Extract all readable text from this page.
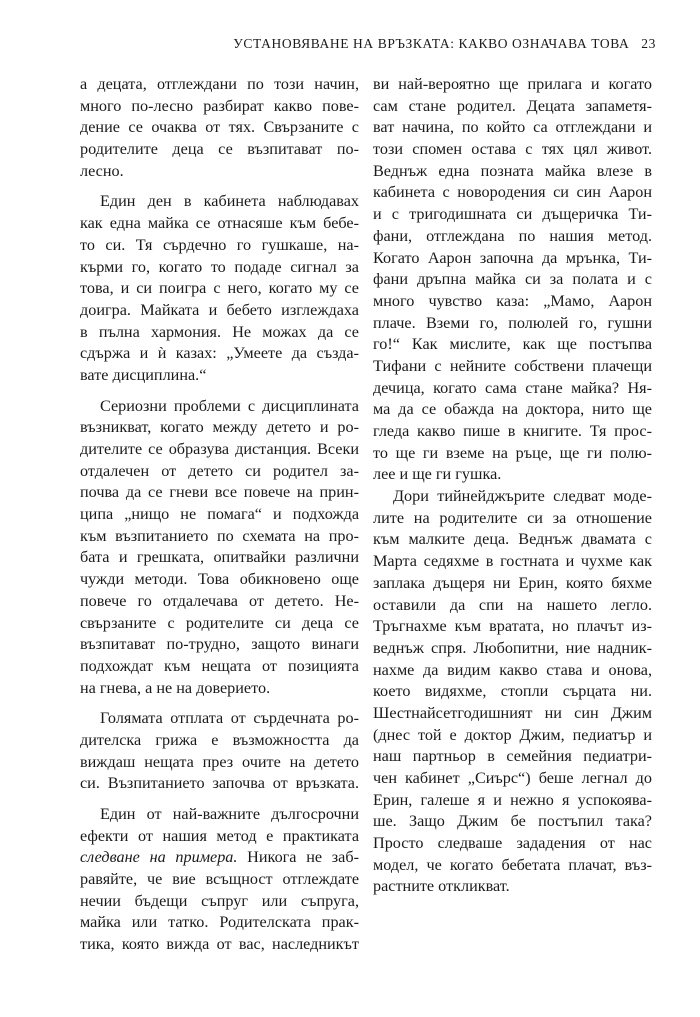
УСТАНОВЯВАНЕ НА ВРЪЗКАТА: КАКВО ОЗНАЧАВА ТОВА 23
а децата, отглеждани по този начин,
много по-лесно разбират какво пове-
дение се очаква от тях. Свързаните с
родителите деца се възпитават по-
лесно.
Един ден в кабинета наблюдавах
как една майка се отнасяше към бебе-
то си. Тя сърдечно го гушкаше, на-
кърми го, когато то подаде сигнал за
това, и си поигра с него, когато му се
доигра. Майката и бебето изглеждаха
в пълна хармония. Не можах да се
сдържа и ѝ казах: „Умеете да създа-
вате дисциплина.“
Сериозни проблеми с дисциплината
възникват, когато между детето и ро-
дителите се образува дистанция. Всеки
отдалечен от детето си родител за-
почва да се гневи все повече на прин-
ципа „нищо не помага“ и подхожда
към възпитанието по схемата на про-
бата и грешката, опитвайки различни
чужди методи. Това обикновено още
повече го отдалечава от детето. Не-
свързаните с родителите си деца се
възпитават по-трудно, защото винаги
подхождат към нещата от позицията
на гнева, а не на доверието.
Голямата отплата от сърдечната ро-
дителска грижа е възможността да
виждаш нещата през очите на детето
си. Възпитанието започва от връзката.
Един от най-важните дългосрочни
ефекти от нашия метод е практиката
следване на примера. Никога не заб-
равяйте, че вие всъщност отглеждате
нечии бъдещи съпруг или съпруга,
майка или татко. Родителската прак-
тика, която вижда от вас, наследникът
ви най-вероятно ще прилага и когато
сам стане родител. Децата запаметя-
ват начина, по който са отглеждани и
този спомен остава с тях цял живот.
Веднъж една позната майка влезе в
кабинета с новородения си син Аарон
и с тригодишната си дъщеричка Ти-
фани, отглеждана по нашия метод.
Когато Аарон започна да мрънка, Ти-
фани дръпна майка си за полата и с
много чувство каза: „Мамо, Аарон
плаче. Вземи го, полюлей го, гушни
го!“ Как мислите, как ще постъпва
Тифани с нейните собствени плачещи
дечица, когато сама стане майка? Ня-
ма да се обажда на доктора, нито ще
гледа какво пише в книгите. Тя прос-
то ще ги вземе на ръце, ще ги полю-
лее и ще ги гушка.
Дори тийнейджърите следват моде-
лите на родителите си за отношение
към малките деца. Веднъж двамата с
Марта седяхме в гостната и чухме как
заплака дъщеря ни Ерин, която бяхме
оставили да спи на нашето легло.
Тръгнахме към вратата, но плачът из-
веднъж спря. Любопитни, ние надник-
нахме да видим какво става и онова,
което видяхме, стопли сърцата ни.
Шестнайсетгодишният ни син Джим
(днес той е доктор Джим, педиатър и
наш партньор в семейния педиатри-
чен кабинет „Сиърс“) беше легнал до
Ерин, галеше я и нежно я успокоява-
ше. Защо Джим бе постъпил така?
Просто следваше зададения от нас
модел, че когато бебетата плачат, въз-
растните откликват.
